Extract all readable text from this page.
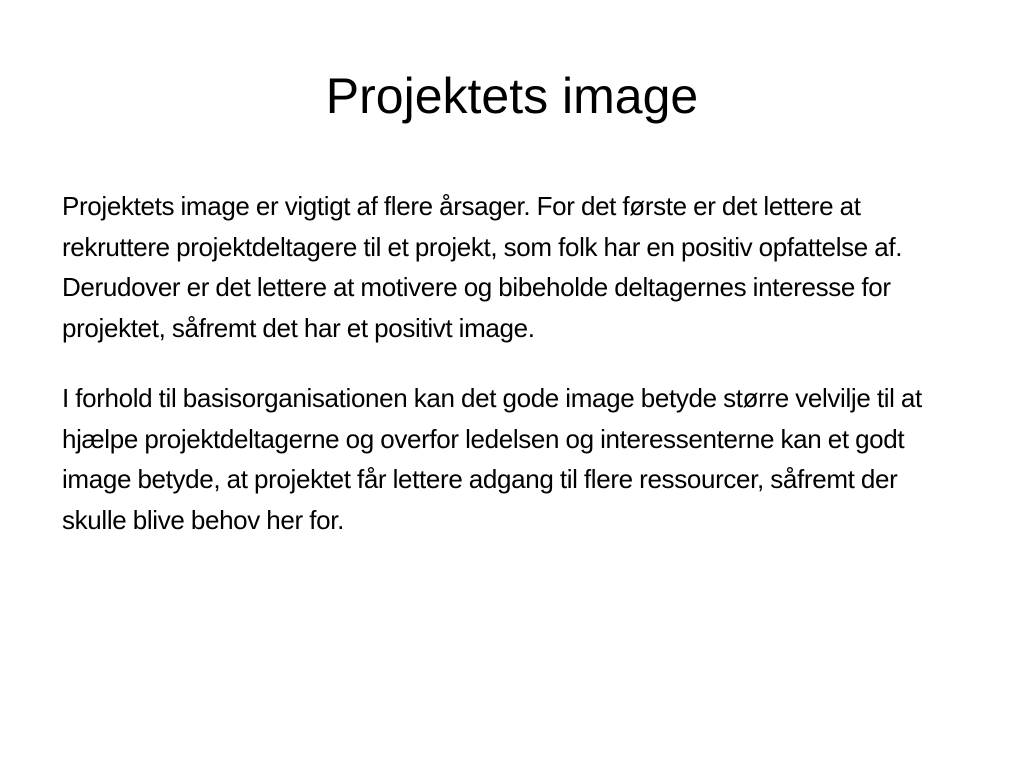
Projektets image

Projektets image er vigtigt af flere årsager. For det første er det lettere at rekruttere projektdeltagere til et projekt, som folk har en positiv opfattelse af. Derudover er det lettere at motivere og bibeholde deltagernes interesse for projektet, såfremt det har et positivt image.

I forhold til basisorganisationen kan det gode image betyde større velvilje til at hjælpe projektdeltagerne og overfor ledelsen og interessenterne kan et godt image betyde, at projektet får lettere adgang til flere ressourcer, såfremt der skulle blive behov her for.
